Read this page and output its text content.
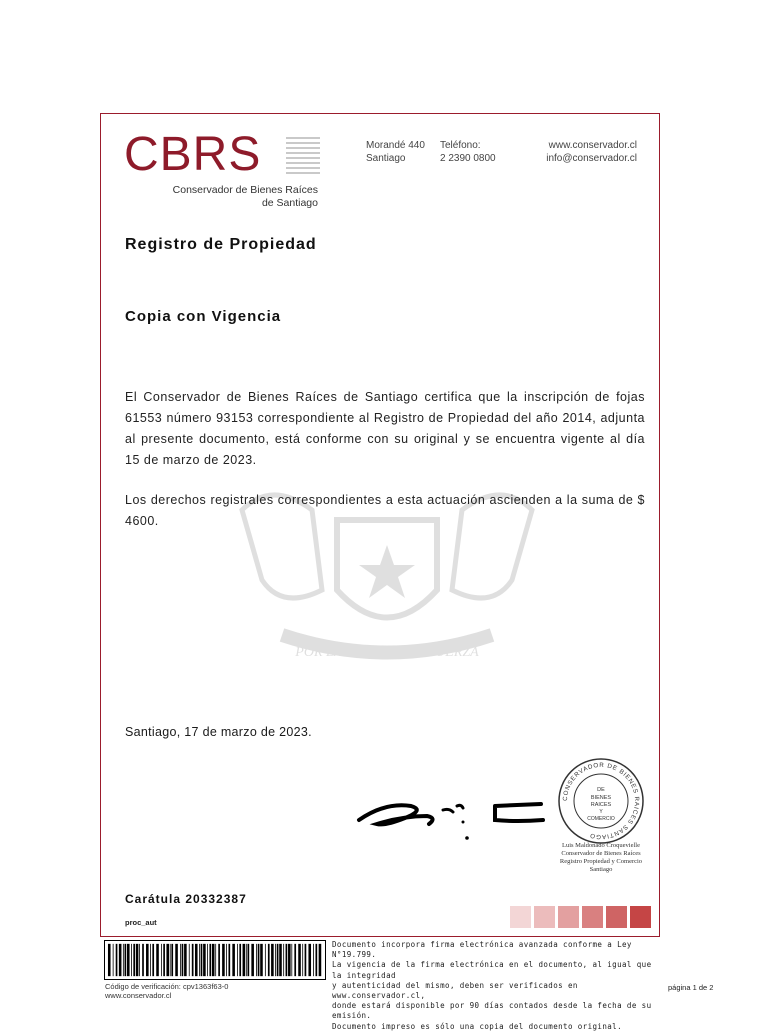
CBRS
Conservador de Bienes Raíces
de Santiago
Morandé 440
Santiago
Teléfono:
2 2390 0800
www.conservador.cl
info@conservador.cl
Registro de Propiedad
Copia con Vigencia
POR LA RAZON O LA FUERZA
El Conservador de Bienes Raíces de Santiago certifica que la inscripción de fojas 61553 número 93153 correspondiente al Registro de Propiedad del año 2014, adjunta al presente documento, está conforme con su original y se encuentra vigente al día 15 de marzo de 2023.
Los derechos registrales correspondientes a esta actuación ascienden a la suma de $ 4600.
Santiago, 17 de marzo de 2023.
CONSERVADOR DE BIENES RAICES SANTIAGO
DE
BIENES
RAICES
Y
COMERCIO
Luis Maldonado Croquevielle
Conservador de Bienes Raíces
Registro Propiedad y Comercio
Santiago
Carátula 20332387
proc_aut
Código de verificación: cpv1363f63-0
www.conservador.cl
Documento incorpora firma electrónica avanzada conforme a Ley N°19.799.
La vigencia de la firma electrónica en el documento, al igual que la integridad
y autenticidad del mismo, deben ser verificados en www.conservador.cl,
donde estará disponible por 90 días contados desde la fecha de su emisión.
Documento impreso es sólo una copia del documento original.
página 1 de 2
